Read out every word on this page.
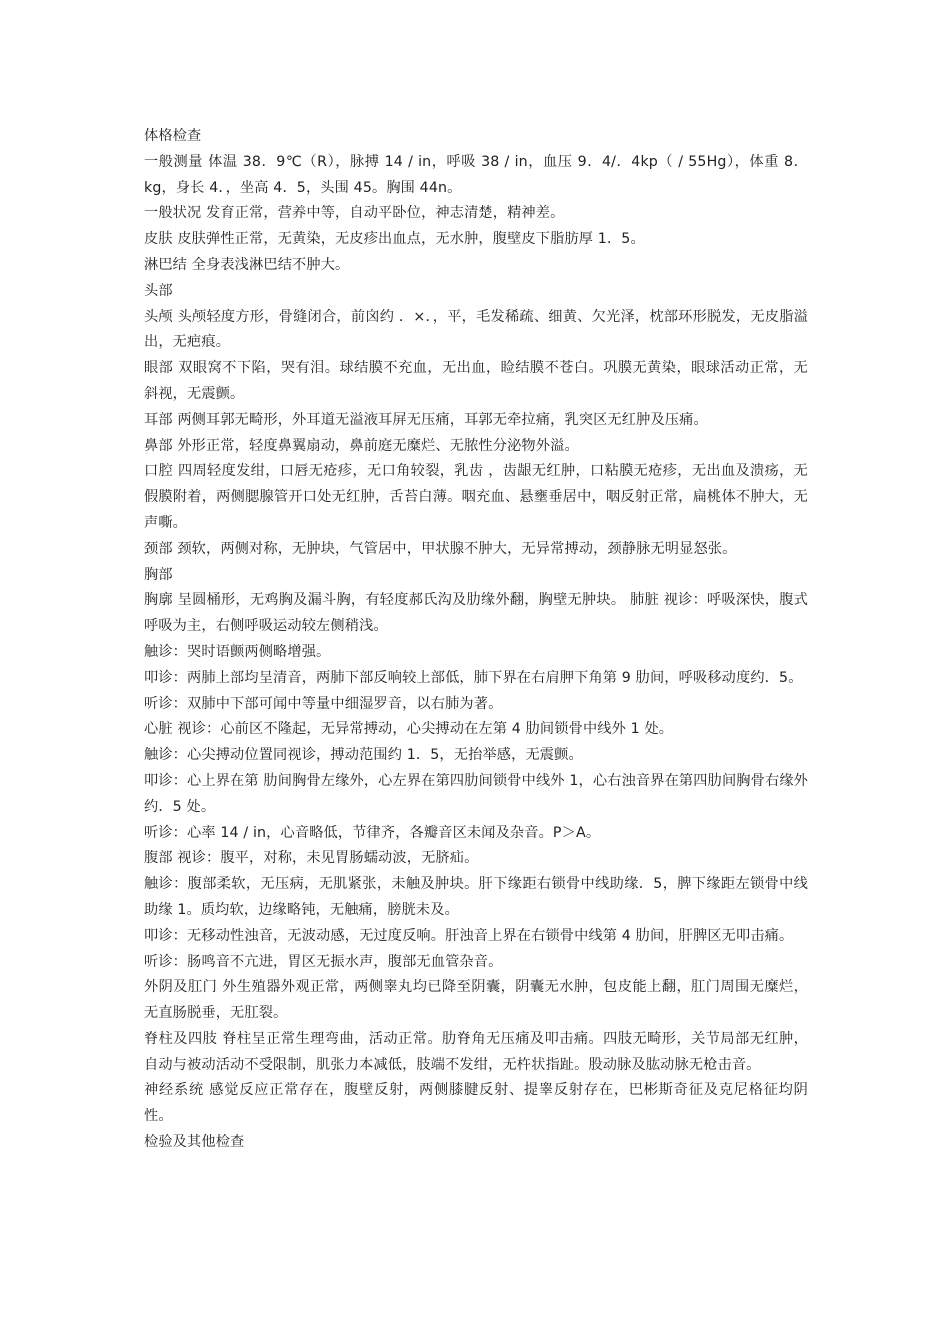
体格检查

一般测量 体温 38．9℃（R），脉搏 14 / in，呼吸 38 / in，血压 9．4/．4kp（ / 55Hg），体重 8．kg，身长 4．，坐高 4．5，头围 45。胸围 44n。

一般状况 发育正常，营养中等，自动平卧位，神志清楚，精神差。

皮肤 皮肤弹性正常，无黄染，无皮疹出血点，无水肿，腹壁皮下脂肪厚 1．5。

淋巴结 全身表浅淋巴结不肿大。

头部

头颅 头颅轻度方形，骨缝闭合，前囟约 ．×．，平，毛发稀疏、细黄、欠光泽，枕部环形脱发，无皮脂溢出，无疤痕。

眼部 双眼窝不下陷，哭有泪。球结膜不充血，无出血，睑结膜不苍白。巩膜无黄染，眼球活动正常，无斜视，无震颤。

耳部 两侧耳郭无畸形，外耳道无溢液耳屏无压痛，耳郭无牵拉痛，乳突区无红肿及压痛。

鼻部 外形正常，轻度鼻翼扇动，鼻前庭无糜烂、无脓性分泌物外溢。

口腔 四周轻度发绀，口唇无疮疹，无口角较裂，乳齿 ，齿龈无红肿，口粘膜无疮疹，无出血及溃疡，无假膜附着，两侧腮腺管开口处无红肿，舌苔白薄。咽充血、悬壅垂居中，咽反射正常，扁桃体不肿大，无声嘶。

颈部 颈软，两侧对称，无肿块，气管居中，甲状腺不肿大，无异常搏动，颈静脉无明显怒张。

胸部

胸廓 呈圆桶形，无鸡胸及漏斗胸，有轻度郝氏沟及肋缘外翻，胸壁无肿块。 肺脏 视诊：呼吸深快，腹式呼吸为主，右侧呼吸运动较左侧稍浅。

触诊：哭时语颤两侧略增强。

叩诊：两肺上部均呈清音，两肺下部反响较上部低，肺下界在右肩胛下角第 9 肋间，呼吸移动度约．5。

听诊：双肺中下部可闻中等量中细湿罗音，以右肺为著。

心脏 视诊：心前区不隆起，无异常搏动，心尖搏动在左第 4 肋间锁骨中线外 1 处。

触诊：心尖搏动位置同视诊，搏动范围约 1．5，无抬举感，无震颤。

叩诊：心上界在第 肋间胸骨左缘外，心左界在第四肋间锁骨中线外 1，心右浊音界在第四肋间胸骨右缘外约．5 处。

听诊：心率 14 / in，心音略低，节律齐，各瓣音区未闻及杂音。P＞A。

腹部 视诊：腹平，对称，未见胃肠蠕动波，无脐疝。

触诊：腹部柔软，无压病，无肌紧张，未触及肿块。肝下缘距右锁骨中线助缘．5，脾下缘距左锁骨中线助缘 1。质均软，边缘略钝，无触痛，膀胱未及。

叩诊：无移动性浊音，无波动感，无过度反响。肝浊音上界在右锁骨中线第 4 肋间，肝脾区无叩击痛。

听诊：肠鸣音不亢进，胃区无振水声，腹部无血管杂音。

外阴及肛门 外生殖器外观正常，两侧睾丸均已降至阴囊，阴囊无水肿，包皮能上翻，肛门周围无糜烂，无直肠脱垂，无肛裂。

脊柱及四肢 脊柱呈正常生理弯曲，活动正常。肋脊角无压痛及叩击痛。四肢无畸形，关节局部无红肿，自动与被动活动不受限制，肌张力本减低，肢端不发绀，无杵状指趾。股动脉及肱动脉无枪击音。

神经系统 感觉反应正常存在，腹壁反射，两侧膝腱反射、提睾反射存在，巴彬斯奇征及克尼格征均阴性。

检验及其他检查
